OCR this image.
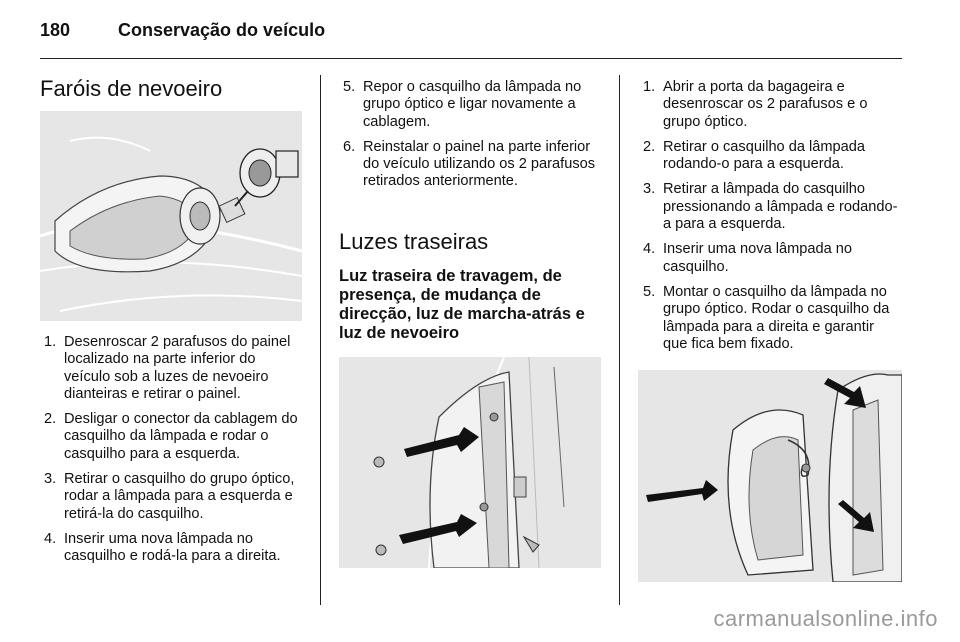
180	Conservação do veículo
Faróis de nevoeiro
1. Desenroscar 2 parafusos do painel localizado na parte inferior do veículo sob a luzes de nevoeiro dianteiras e retirar o painel.
2. Desligar o conector da cablagem do casquilho da lâmpada e rodar o casquilho para a esquerda.
3. Retirar o casquilho do grupo óptico, rodar a lâmpada para a esquerda e retirá-la do casquilho.
4. Inserir uma nova lâmpada no casquilho e rodá-la para a direita.
5. Repor o casquilho da lâmpada no grupo óptico e ligar novamente a cablagem.
6. Reinstalar o painel na parte inferior do veículo utilizando os 2 parafusos retirados anteriormente.
Luzes traseiras
Luz traseira de travagem, de presença, de mudança de direcção, luz de marcha-atrás e luz de nevoeiro
1. Abrir a porta da bagageira e desenroscar os 2 parafusos e o grupo óptico.
2. Retirar o casquilho da lâmpada rodando-o para a esquerda.
3. Retirar a lâmpada do casquilho pressionando a lâmpada e rodando-a para a esquerda.
4. Inserir uma nova lâmpada no casquilho.
5. Montar o casquilho da lâmpada no grupo óptico. Rodar o casquilho da lâmpada para a direita e garantir que fica bem fixado.
carmanualsonline.info
